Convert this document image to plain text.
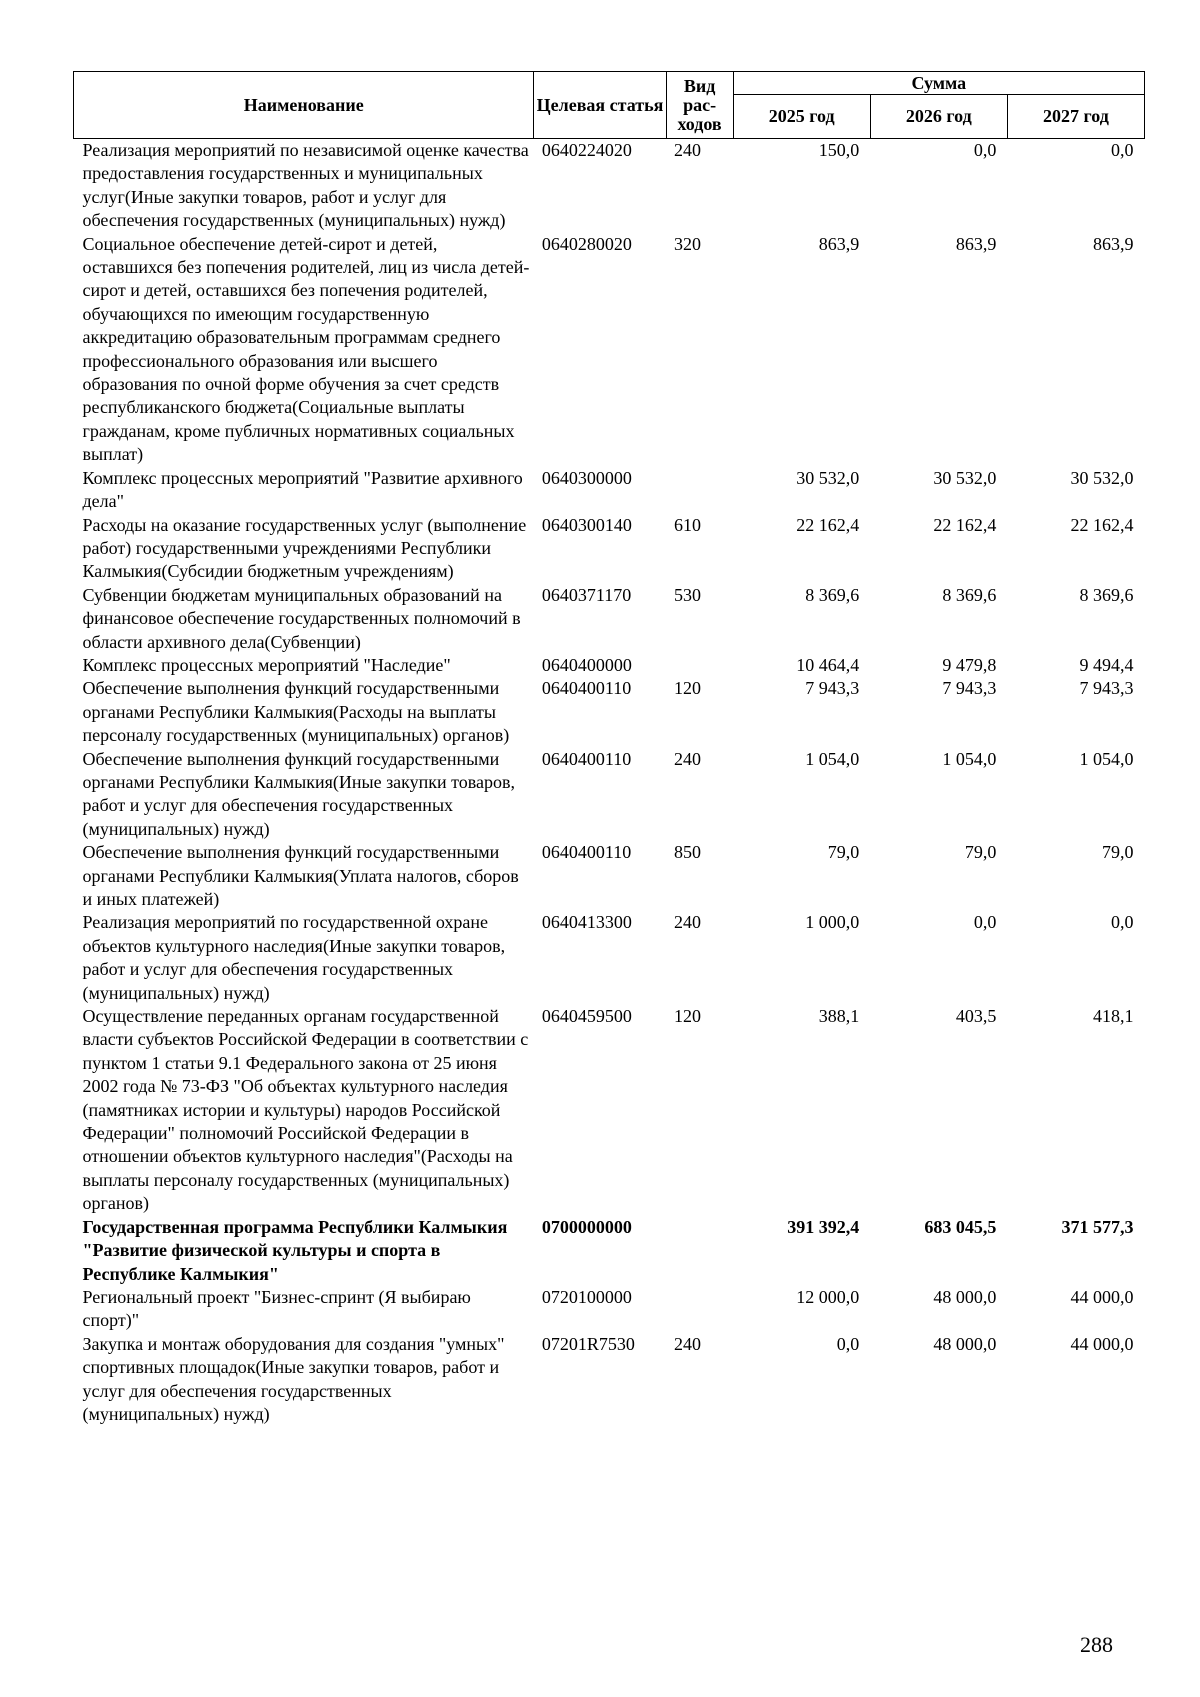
Наименование	Целевая статья	Вид
рас-
ходов	Сумма		
			2025 год	2026 год	2027 год
Реализация мероприятий по независимой оценке качества предоставления государственных и муниципальных услуг(Иные закупки товаров, работ и услуг для обеспечения государственных (муниципальных) нужд)	0640224020	240	150,0	0,0	0,0
Социальное обеспечение детей-сирот и детей, оставшихся без попечения родителей, лиц из числа детей-сирот и детей, оставшихся без попечения родителей, обучающихся по имеющим государственную аккредитацию образовательным программам среднего профессионального образования или высшего образования по очной форме обучения за счет средств республиканского бюджета(Социальные выплаты гражданам, кроме публичных нормативных социальных выплат)	0640280020	320	863,9	863,9	863,9
Комплекс процессных мероприятий "Развитие архивного дела"	0640300000		30 532,0	30 532,0	30 532,0
Расходы на оказание государственных услуг (выполнение работ) государственными учреждениями Республики Калмыкия(Субсидии бюджетным учреждениям)	0640300140	610	22 162,4	22 162,4	22 162,4
Субвенции бюджетам муниципальных образований на финансовое обеспечение государственных полномочий в области архивного дела(Субвенции)	0640371170	530	8 369,6	8 369,6	8 369,6
Комплекс процессных мероприятий "Наследие"	0640400000		10 464,4	9 479,8	9 494,4
Обеспечение выполнения функций государственными органами Республики Калмыкия(Расходы на выплаты персоналу государственных (муниципальных) органов)	0640400110	120	7 943,3	7 943,3	7 943,3
Обеспечение выполнения функций государственными органами Республики Калмыкия(Иные закупки товаров, работ и услуг для обеспечения государственных (муниципальных) нужд)	0640400110	240	1 054,0	1 054,0	1 054,0
Обеспечение выполнения функций государственными органами Республики Калмыкия(Уплата налогов, сборов и иных платежей)	0640400110	850	79,0	79,0	79,0
Реализация мероприятий по государственной охране объектов культурного наследия(Иные закупки товаров, работ и услуг для обеспечения государственных (муниципальных) нужд)	0640413300	240	1 000,0	0,0	0,0
Осуществление переданных органам государственной власти субъектов Российской Федерации в соответствии с пунктом 1 статьи 9.1 Федерального закона от 25 июня 2002 года № 73-ФЗ "Об объектах культурного наследия (памятниках истории и культуры) народов Российской Федерации" полномочий Российской Федерации в отношении объектов культурного наследия"(Расходы на выплаты персоналу государственных (муниципальных) органов)	0640459500	120	388,1	403,5	418,1
Государственная программа Республики Калмыкия "Развитие физической культуры и спорта в Республике Калмыкия"	0700000000		391 392,4	683 045,5	371 577,3
Региональный проект "Бизнес-спринт (Я выбираю спорт)"	0720100000		12 000,0	48 000,0	44 000,0
Закупка и монтаж оборудования для создания "умных" спортивных площадок(Иные закупки товаров, работ и услуг для обеспечения государственных (муниципальных) нужд)	07201R7530	240	0,0	48 000,0	44 000,0
288
